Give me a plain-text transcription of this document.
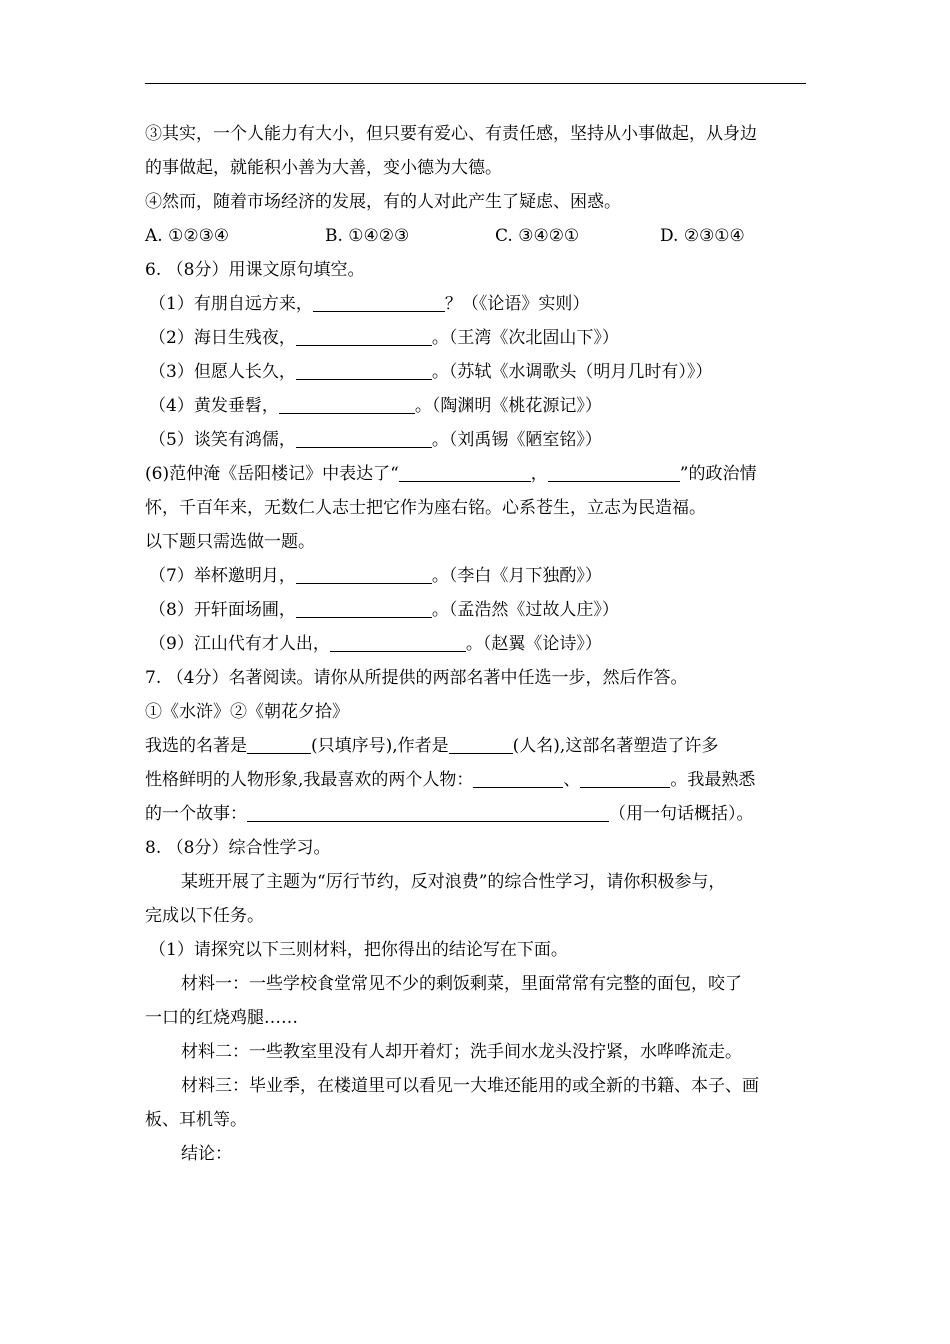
③其实，一个人能力有大小，但只要有爱心、有责任感，坚持从小事做起，从身边
的事做起，就能积小善为大善，变小德为大德。
④然而，随着市场经济的发展，有的人对此产生了疑虑、困惑。
A. ①②③④	B. ①④②③	C. ③④②①	D. ②③①④
6. （8分）用课文原句填空。
（1）有朋自远方来，	？（《论语》实则）
（2）海日生残夜，	。（王湾《次北固山下》）
（3）但愿人长久，	。（苏轼《水调歌头（明月几时有）》）
（4）黄发垂髫，	。（陶渊明《桃花源记》）
（5）谈笑有鸿儒，	。（刘禹锡《陋室铭》）
(6)范仲淹《岳阳楼记》中表达了“	，	”的政治情
怀，千百年来，无数仁人志士把它作为座右铭。心系苍生，立志为民造福。
以下题只需选做一题。
（7）举杯邀明月，	。（李白《月下独酌》）
（8）开轩面场圃，	。（孟浩然《过故人庄》）
（9）江山代有才人出，	。（赵翼《论诗》）
7. （4分）名著阅读。请你从所提供的两部名著中任选一步，然后作答。
①《水浒》②《朝花夕拾》
我选的名著是	(只填序号),作者是	(人名),这部名著塑造了许多
性格鲜明的人物形象,我最喜欢的两个人物：	、	。我最熟悉
的一个故事：	（用一句话概括）。
8. （8分）综合性学习。
某班开展了主题为“厉行节约，反对浪费”的综合性学习，请你积极参与，
完成以下任务。
（1）请探究以下三则材料，把你得出的结论写在下面。
材料一：一些学校食堂常见不少的剩饭剩菜，里面常常有完整的面包，咬了
一口的红烧鸡腿……
材料二：一些教室里没有人却开着灯；洗手间水龙头没拧紧，水哗哗流走。
材料三：毕业季，在楼道里可以看见一大堆还能用的或全新的书籍、本子、画
板、耳机等。
结论：
